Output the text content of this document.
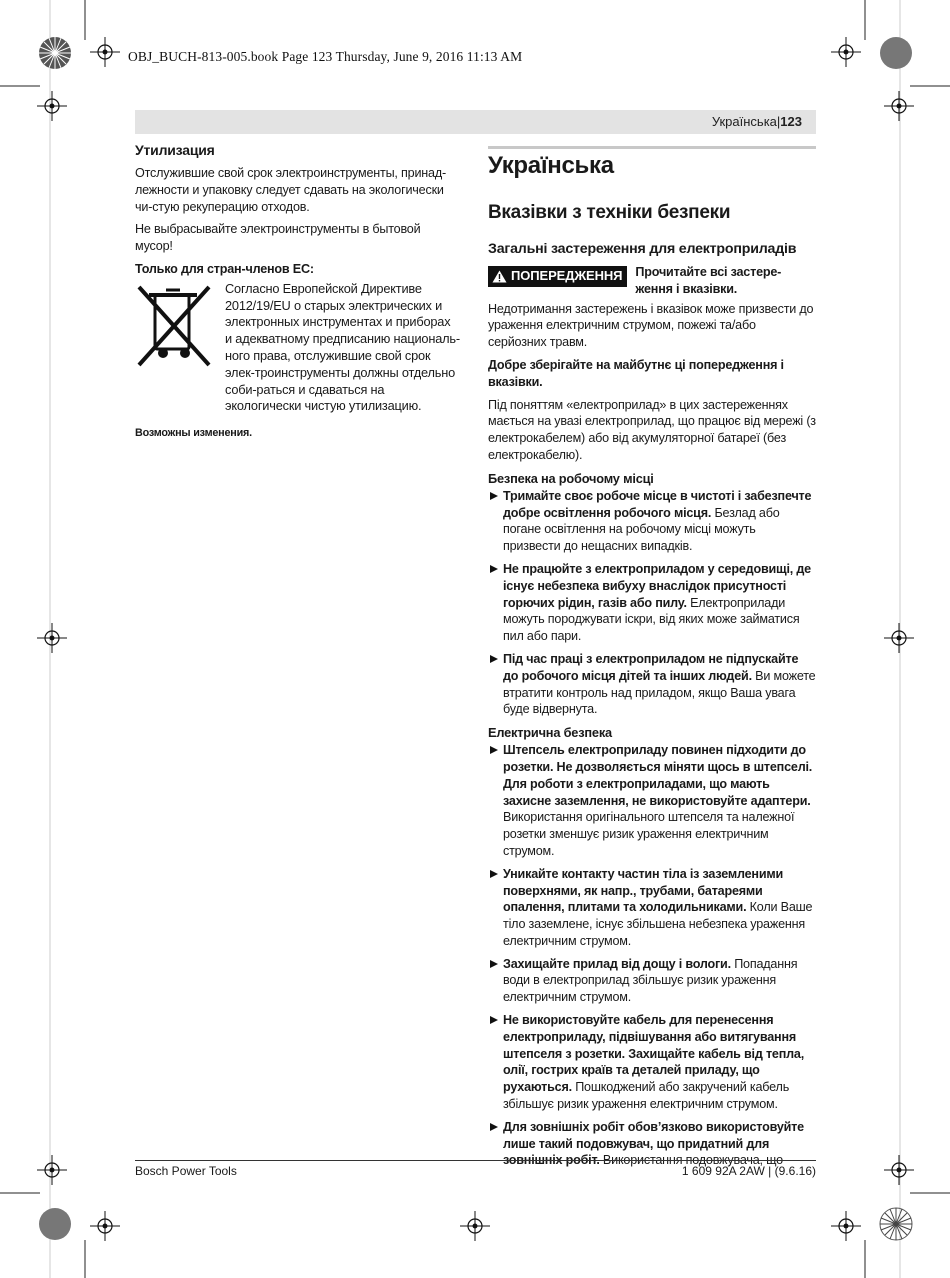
OBJ_BUCH-813-005.book Page 123 Thursday, June 9, 2016 11:13 AM
Українська|123
Утилизация

Отслужившие свой срок электроинструменты, принад-лежности и упаковку следует сдавать на экологически чи-стую рекуперацию отходов.

Не выбрасывайте электроинструменты в бытовой мусор!

Только для стран-членов ЕС:
Согласно Европейской Директиве 2012/19/EU о старых электрических и электронных инструментах и приборах и адекватному предписанию националь-ного права, отслужившие свой срок элек-троинструменты должны отдельно соби-раться и сдаваться на экологически чистую утилизацию.
Возможны изменения.
Українська
Вказівки з техніки безпеки
Загальні застереження для електроприладів
ПОПЕРЕДЖЕННЯ Прочитайте всі застере-ження і вказівки.

Недотримання застережень і вказівок може призвести до ураження електричним струмом, пожежі та/або серйозних травм.

Добре зберігайте на майбутнє ці попередження і вказівки.

Під поняттям «електроприлад» в цих застереженнях мається на увазі електроприлад, що працює від мережі (з електрокабелем) або від акумуляторної батареї (без електрокабелю).

Безпека на робочому місці
Тримайте своє робоче місце в чистоті і забезпечте добре освітлення робочого місця. Безлад або погане освітлення на робочому місці можуть призвести до нещасних випадків.
Не працюйте з електроприладом у середовищі, де існує небезпека вибуху внаслідок присутності горючих рідин, газів або пилу. Електроприлади можуть породжувати іскри, від яких може займатися пил або пари.
Під час праці з електроприладом не підпускайте до робочого місця дітей та інших людей. Ви можете втратити контроль над приладом, якщо Ваша увага буде відвернута.
Електрична безпека
Штепсель електроприладу повинен підходити до розетки. Не дозволяється міняти щось в штепселі. Для роботи з електроприладами, що мають захисне заземлення, не використовуйте адаптери. Використання оригінального штепселя та належної розетки зменшує ризик ураження електричним струмом.
Уникайте контакту частин тіла із заземленими поверхнями, як напр., трубами, батареями опалення, плитами та холодильниками. Коли Ваше тіло заземлене, існує збільшена небезпека ураження електричним струмом.
Захищайте прилад від дощу і вологи. Попадання води в електроприлад збільшує ризик ураження електричним струмом.
Не використовуйте кабель для перенесення електроприладу, підвішування або витягування штепселя з розетки. Захищайте кабель від тепла, олії, гострих країв та деталей приладу, що рухаються. Пошкоджений або закручений кабель збільшує ризик ураження електричним струмом.
Для зовнішніх робіт обов’язково використовуйте лише такий подовжувач, що придатний для зовнішніх робіт. Використання подовжувача, що
Bosch Power Tools	1 609 92A 2AW | (9.6.16)
